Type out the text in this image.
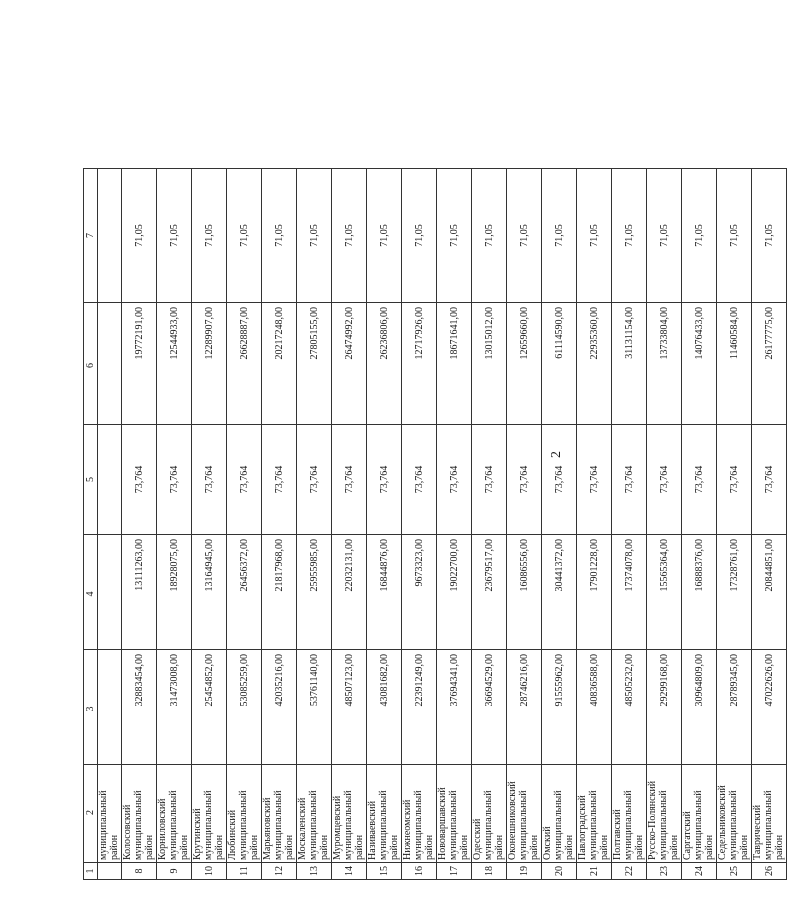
1	2	3	4	5	6	7
	муниципальный район					
8	Колосовский муниципальный район	32883454,00	13111263,00	73,764	19772191,00	71,05
9	Корниловский муниципальный район	31473008,00	18928075,00	73,764	12544933,00	71,05
10	Крутинский муниципальный район	25454852,00	13164945,00	73,764	12289907,00	71,05
11	Любинский муниципальный район	53085259,00	26456372,00	73,764	26628887,00	71,05
12	Марьяновский муниципальный район	42035216,00	21817968,00	73,764	20217248,00	71,05
13	Москаленский муниципальный район	53761140,00	25955985,00	73,764	27805155,00	71,05
14	Муромцевский муниципальный район	48507123,00	22032131,00	73,764	26474992,00	71,05
15	Називаевский муниципальный район	43081682,00	16844876,00	73,764	26236806,00	71,05
16	Нижнеомский муниципальный район	22391249,00	9673323,00	73,764	12717926,00	71,05
17	Нововаршавский муниципальный район	37694341,00	19022700,00	73,764	18671641,00	71,05
18	Одесский муниципальный район	36694529,00	23679517,00	73,764	13015012,00	71,05
19	Оконешниковский муниципальный район	28746216,00	16086556,00	73,764	12659660,00	71,05
20	Омский муниципальный район	91555962,00	30441372,00	73,764	61114590,00	71,05
21	Павлоградский муниципальный район	40836588,00	17901228,00	73,764	22935360,00	71,05
22	Полтавский муниципальный район	48505232,00	17374078,00	73,764	31131154,00	71,05
23	Русско-Полянский муниципальный район	29299168,00	15565364,00	73,764	13733804,00	71,05
24	Саргатский муниципальный район	30964809,00	16888376,00	73,764	14076433,00	71,05
25	Седельниковский муниципальный район	28789345,00	17328761,00	73,764	11460584,00	71,05
26	Таврический муниципальный район	47022626,00	20844851,00	73,764	26177775,00	71,05
2
